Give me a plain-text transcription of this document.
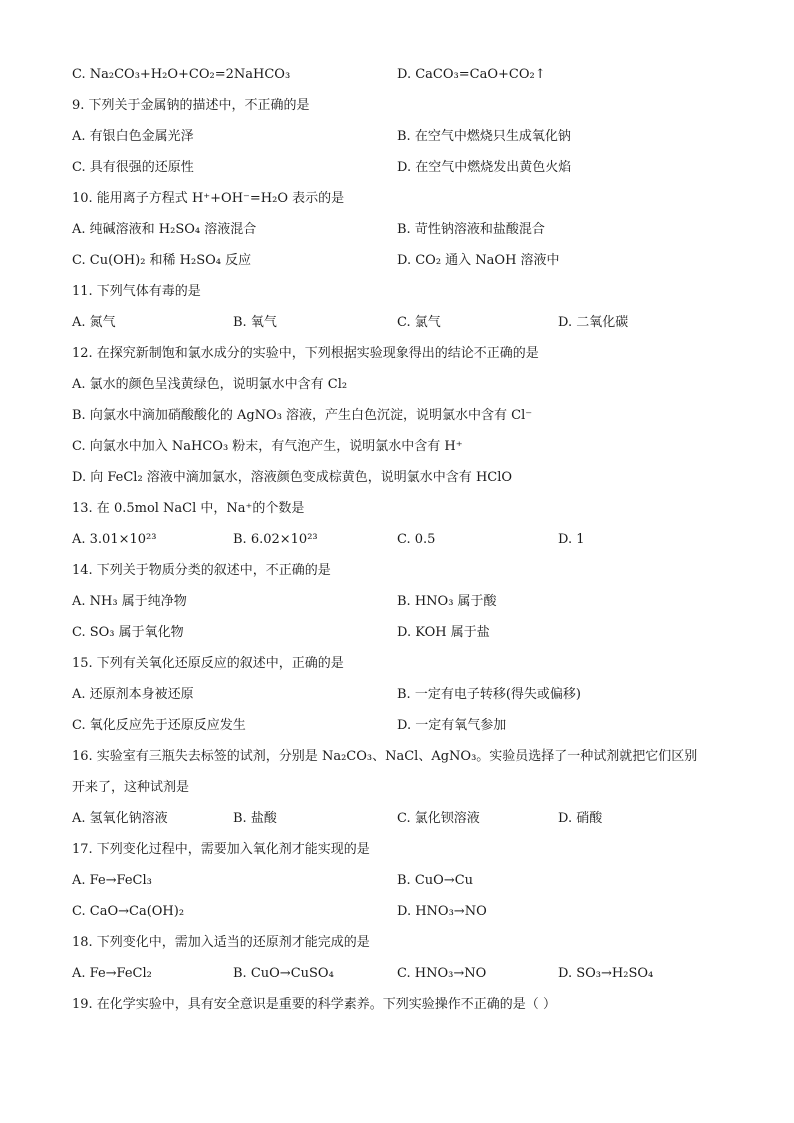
C. Na₂CO₃+H₂O+CO₂=2NaHCO₃	D. CaCO₃=CaO+CO₂↑
9. 下列关于金属钠的描述中，不正确的是
A. 有银白色金属光泽	B. 在空气中燃烧只生成氧化钠
C. 具有很强的还原性	D. 在空气中燃烧发出黄色火焰
10. 能用离子方程式 H⁺+OH⁻=H₂O 表示的是
A. 纯碱溶液和 H₂SO₄ 溶液混合	B. 苛性钠溶液和盐酸混合
C. Cu(OH)₂ 和稀 H₂SO₄ 反应	D. CO₂ 通入 NaOH 溶液中
11. 下列气体有毒的是
A. 氮气	B. 氧气	C. 氯气	D. 二氧化碳
12. 在探究新制饱和氯水成分的实验中，下列根据实验现象得出的结论不正确的是
A. 氯水的颜色呈浅黄绿色，说明氯水中含有 Cl₂
B. 向氯水中滴加硝酸酸化的 AgNO₃ 溶液，产生白色沉淀，说明氯水中含有 Cl⁻
C. 向氯水中加入 NaHCO₃ 粉末，有气泡产生，说明氯水中含有 H⁺
D. 向 FeCl₂ 溶液中滴加氯水，溶液颜色变成棕黄色，说明氯水中含有 HClO
13. 在 0.5mol NaCl 中，Na⁺的个数是
A. 3.01×10²³	B. 6.02×10²³	C. 0.5	D. 1
14. 下列关于物质分类的叙述中，不正确的是
A. NH₃ 属于纯净物	B. HNO₃ 属于酸
C. SO₃ 属于氧化物	D. KOH 属于盐
15. 下列有关氧化还原反应的叙述中，正确的是
A. 还原剂本身被还原	B. 一定有电子转移(得失或偏移)
C. 氧化反应先于还原反应发生	D. 一定有氧气参加
16. 实验室有三瓶失去标签的试剂，分别是 Na₂CO₃、NaCl、AgNO₃。实验员选择了一种试剂就把它们区别
开来了，这种试剂是
A. 氢氧化钠溶液	B. 盐酸	C. 氯化钡溶液	D. 硝酸
17. 下列变化过程中，需要加入氧化剂才能实现的是
A. Fe→FeCl₃	B. CuO→Cu
C. CaO→Ca(OH)₂	D. HNO₃→NO
18. 下列变化中，需加入适当的还原剂才能完成的是
A. Fe→FeCl₂	B. CuO→CuSO₄	C. HNO₃→NO	D. SO₃→H₂SO₄
19. 在化学实验中，具有安全意识是重要的科学素养。下列实验操作不正确的是（ ）
